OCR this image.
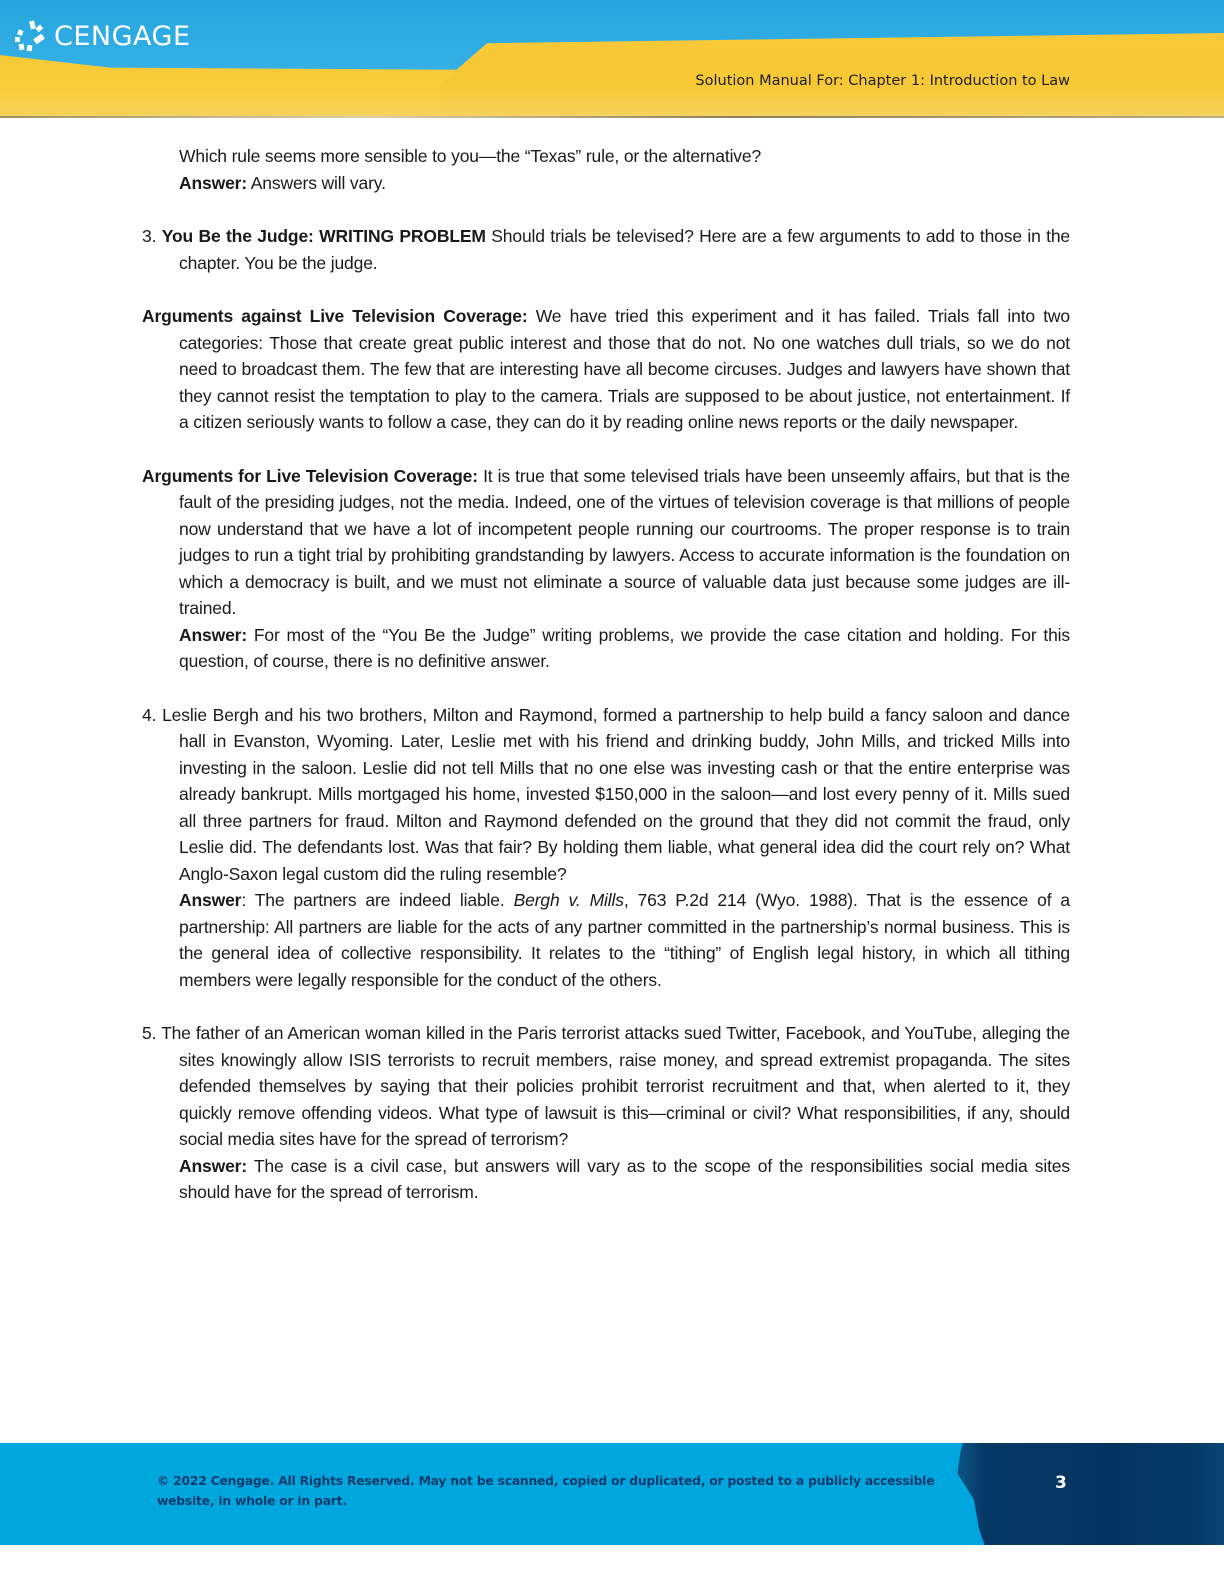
CENGAGE
Solution Manual For: Chapter 1: Introduction to Law

Which rule seems more sensible to you—the “Texas” rule, or the alternative?
Answer: Answers will vary.

3. You Be the Judge: WRITING PROBLEM Should trials be televised? Here are a few arguments to add to those in the chapter. You be the judge.

Arguments against Live Television Coverage: We have tried this experiment and it has failed. Trials fall into two categories: Those that create great public interest and those that do not. No one watches dull trials, so we do not need to broadcast them. The few that are interesting have all become circuses. Judges and lawyers have shown that they cannot resist the temptation to play to the camera. Trials are supposed to be about justice, not entertainment. If a citizen seriously wants to follow a case, they can do it by reading online news reports or the daily newspaper.

Arguments for Live Television Coverage: It is true that some televised trials have been unseemly affairs, but that is the fault of the presiding judges, not the media. Indeed, one of the virtues of television coverage is that millions of people now understand that we have a lot of incompetent people running our courtrooms. The proper response is to train judges to run a tight trial by prohibiting grandstanding by lawyers. Access to accurate information is the foundation on which a democracy is built, and we must not eliminate a source of valuable data just because some judges are ill-trained.

Answer: For most of the “You Be the Judge” writing problems, we provide the case citation and holding. For this question, of course, there is no definitive answer.

4. Leslie Bergh and his two brothers, Milton and Raymond, formed a partnership to help build a fancy saloon and dance hall in Evanston, Wyoming. Later, Leslie met with his friend and drinking buddy, John Mills, and tricked Mills into investing in the saloon. Leslie did not tell Mills that no one else was investing cash or that the entire enterprise was already bankrupt. Mills mortgaged his home, invested $150,000 in the saloon—and lost every penny of it. Mills sued all three partners for fraud. Milton and Raymond defended on the ground that they did not commit the fraud, only Leslie did. The defendants lost. Was that fair? By holding them liable, what general idea did the court rely on? What Anglo-Saxon legal custom did the ruling resemble?

Answer: The partners are indeed liable. Bergh v. Mills, 763 P.2d 214 (Wyo. 1988). That is the essence of a partnership: All partners are liable for the acts of any partner committed in the partnership’s normal business. This is the general idea of collective responsibility. It relates to the “tithing” of English legal history, in which all tithing members were legally responsible for the conduct of the others.

5. The father of an American woman killed in the Paris terrorist attacks sued Twitter, Facebook, and YouTube, alleging the sites knowingly allow ISIS terrorists to recruit members, raise money, and spread extremist propaganda. The sites defended themselves by saying that their policies prohibit terrorist recruitment and that, when alerted to it, they quickly remove offending videos. What type of lawsuit is this—criminal or civil? What responsibilities, if any, should social media sites have for the spread of terrorism?

Answer: The case is a civil case, but answers will vary as to the scope of the responsibilities social media sites should have for the spread of terrorism.

© 2022 Cengage. All Rights Reserved. May not be scanned, copied or duplicated, or posted to a publicly accessible website, in whole or in part.
3
